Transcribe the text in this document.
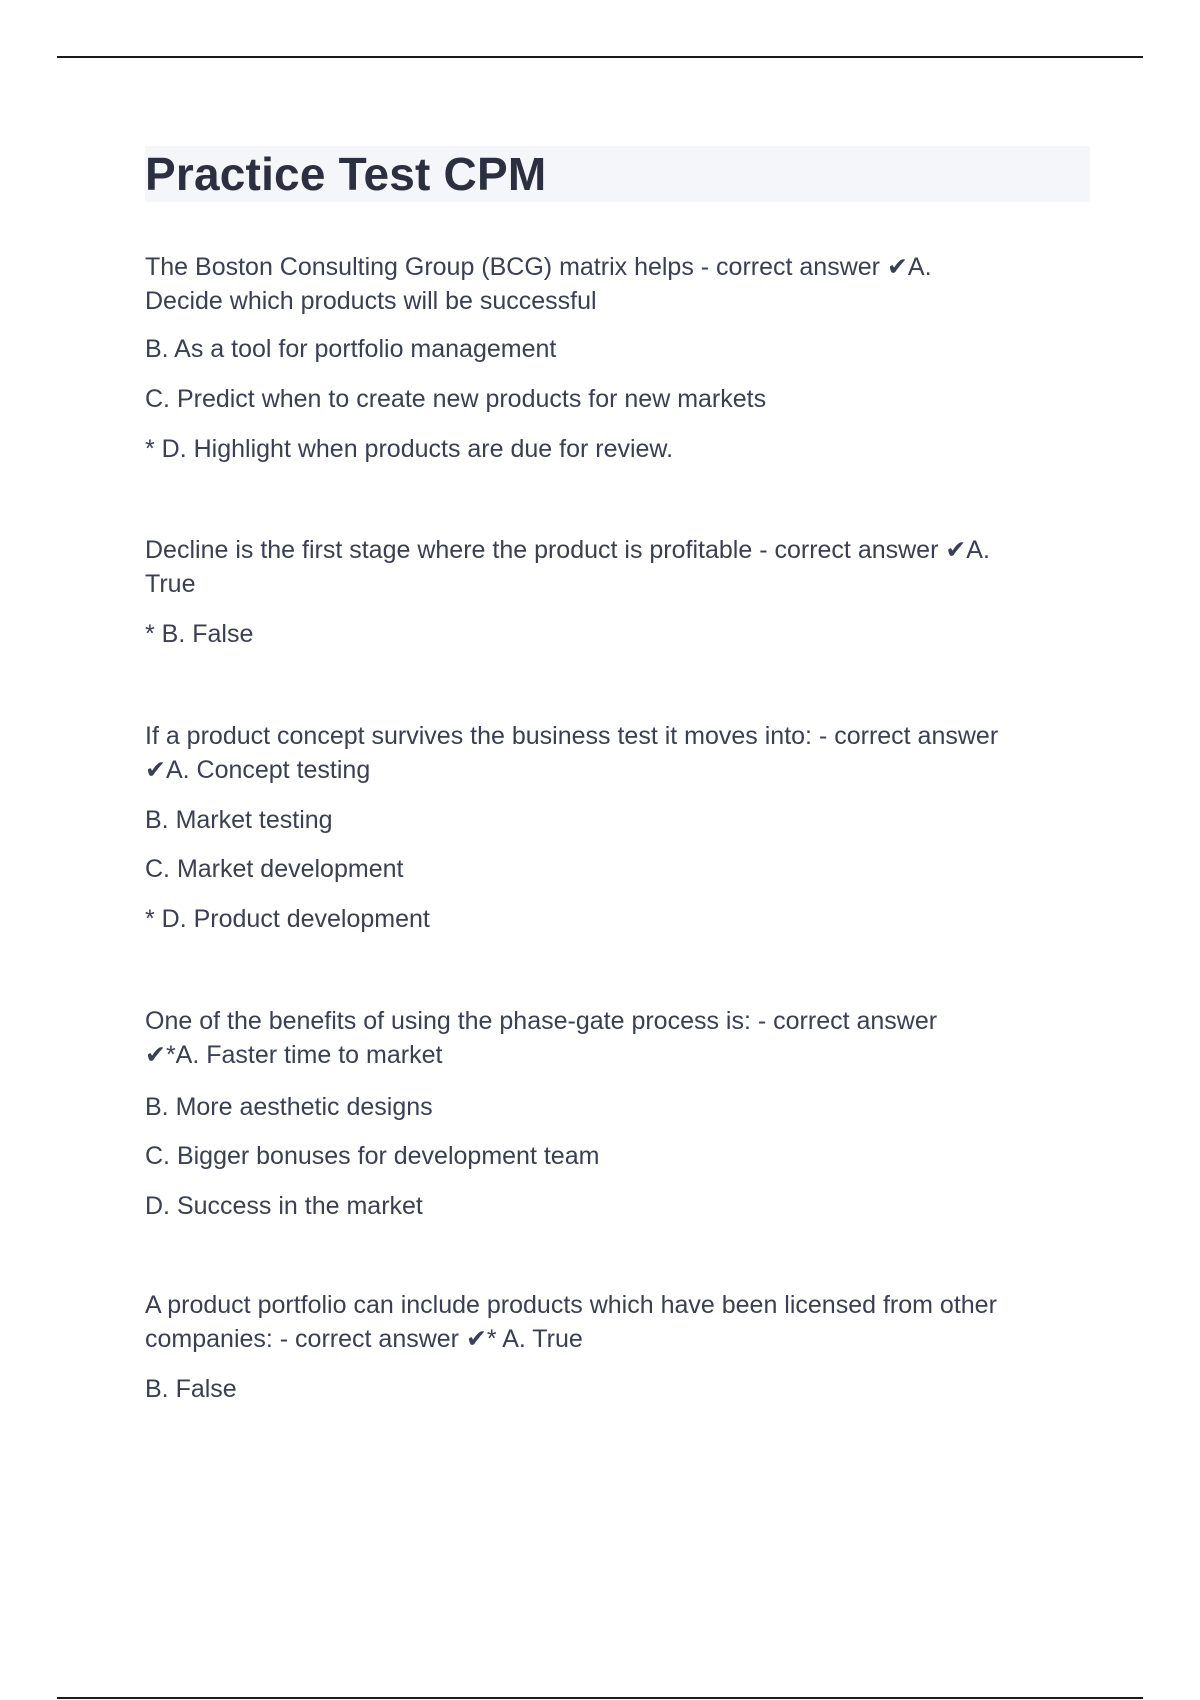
Practice Test CPM

The Boston Consulting Group (BCG) matrix helps - correct answer ✔A.
Decide which products will be successful

B. As a tool for portfolio management

C. Predict when to create new products for new markets

* D. Highlight when products are due for review.

Decline is the first stage where the product is profitable - correct answer ✔A.
True

* B. False

If a product concept survives the business test it moves into: - correct answer
✔A. Concept testing

B. Market testing

C. Market development

* D. Product development

One of the benefits of using the phase-gate process is: - correct answer
✔*A. Faster time to market

B. More aesthetic designs

C. Bigger bonuses for development team

D. Success in the market

A product portfolio can include products which have been licensed from other
companies: - correct answer ✔* A. True

B. False
